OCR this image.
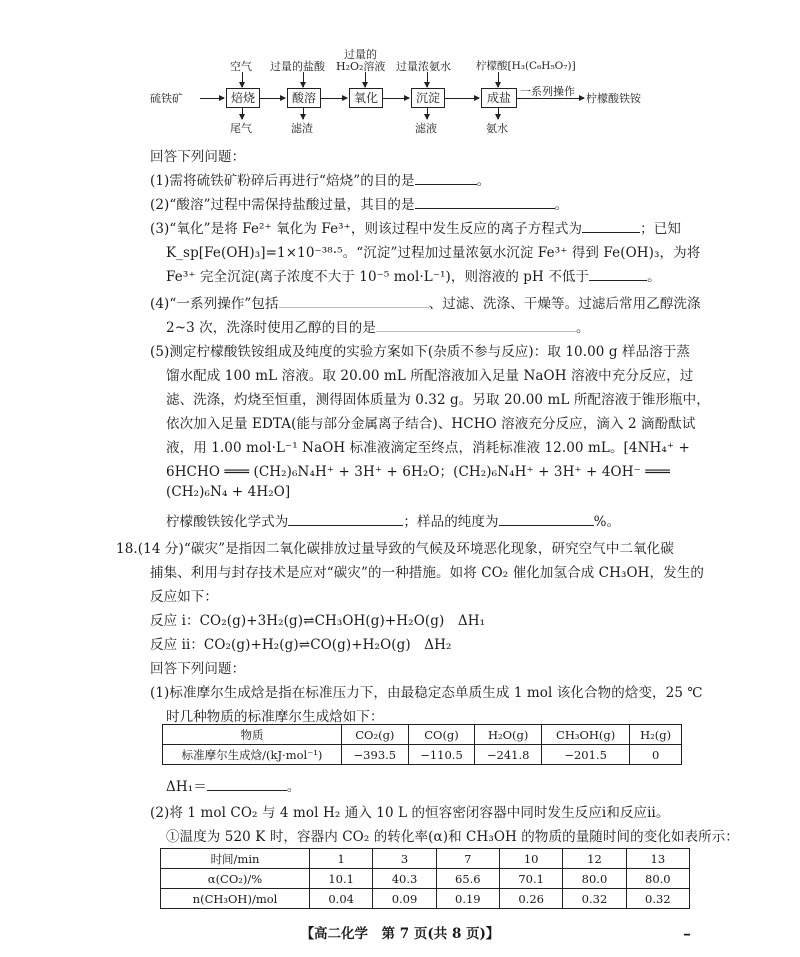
硫铁矿	焙烧	酸溶	氧化	沉淀	成盐 一系列操作
柠檬酸铁铵
空气 过量的盐酸
过量的
H₂O₂溶液 过量浓氨水 柠檬酸[H₃(C₆H₅O₇)]
尾气	滤渣	滤液	氨水
回答下列问题：
(1)需将硫铁矿粉碎后再进行“焙烧”的目的是	。
(2)“酸溶”过程中需保持盐酸过量，其目的是	。
(3)“氧化”是将 Fe²⁺ 氧化为 Fe³⁺，则该过程中发生反应的离子方程式为	；已知
K_sp[Fe(OH)₃]=1×10⁻³⁸·⁵。“沉淀”过程加过量浓氨水沉淀 Fe³⁺ 得到 Fe(OH)₃，为将
Fe³⁺ 完全沉淀(离子浓度不大于 10⁻⁵ mol·L⁻¹)，则溶液的 pH 不低于	。
(4)“一系列操作”包括	、过滤、洗涤、干燥等。过滤后常用乙醇洗涤
2~3 次，洗涤时使用乙醇的目的是	。
(5)测定柠檬酸铁铵组成及纯度的实验方案如下(杂质不参与反应)：取 10.00 g 样品溶于蒸
馏水配成 100 mL 溶液。取 20.00 mL 所配溶液加入足量 NaOH 溶液中充分反应，过
滤、洗涤，灼烧至恒重，测得固体质量为 0.32 g。另取 20.00 mL 所配溶液于锥形瓶中，
依次加入足量 EDTA(能与部分金属离子结合)、HCHO 溶液充分反应，滴入 2 滴酚酞试
液，用 1.00 mol·L⁻¹ NaOH 标准液滴定至终点，消耗标准液 12.00 mL。[4NH₄⁺ +
6HCHO ═══ (CH₂)₆N₄H⁺ + 3H⁺ + 6H₂O；(CH₂)₆N₄H⁺ + 3H⁺ + 4OH⁻ ═══
(CH₂)₆N₄ + 4H₂O]
柠檬酸铁铵化学式为	；样品的纯度为	%。
18.(14 分)“碳灾”是指因二氧化碳排放过量导致的气候及环境恶化现象，研究空气中二氧化碳
捕集、利用与封存技术是应对“碳灾”的一种措施。如将 CO₂ 催化加氢合成 CH₃OH，发生的
反应如下：
反应 ⅰ：CO₂(g)+3H₂(g)⇌CH₃OH(g)+H₂O(g)　ΔH₁
反应 ⅱ：CO₂(g)+H₂(g)⇌CO(g)+H₂O(g)　ΔH₂
回答下列问题：
(1)标准摩尔生成焓是指在标准压力下，由最稳定态单质生成 1 mol 该化合物的焓变，25 ℃
时几种物质的标准摩尔生成焓如下：
物质	CO₂(g)	CO(g)	H₂O(g)	CH₃OH(g)	H₂(g)
标准摩尔生成焓/(kJ·mol⁻¹)	−393.5	−110.5	−241.8	−201.5	0
ΔH₁＝	。
(2)将 1 mol CO₂ 与 4 mol H₂ 通入 10 L 的恒容密闭容器中同时发生反应ⅰ和反应ⅱ。
①温度为 520 K 时，容器内 CO₂ 的转化率(α)和 CH₃OH 的物质的量随时间的变化如表所示：
时间/min	1	3	7	10	12	13
α(CO₂)/%	10.1	40.3	65.6	70.1	80.0	80.0
n(CH₃OH)/mol	0.04	0.09	0.19	0.26	0.32	0.32
【高二化学　第 7 页(共 8 页)】	━
